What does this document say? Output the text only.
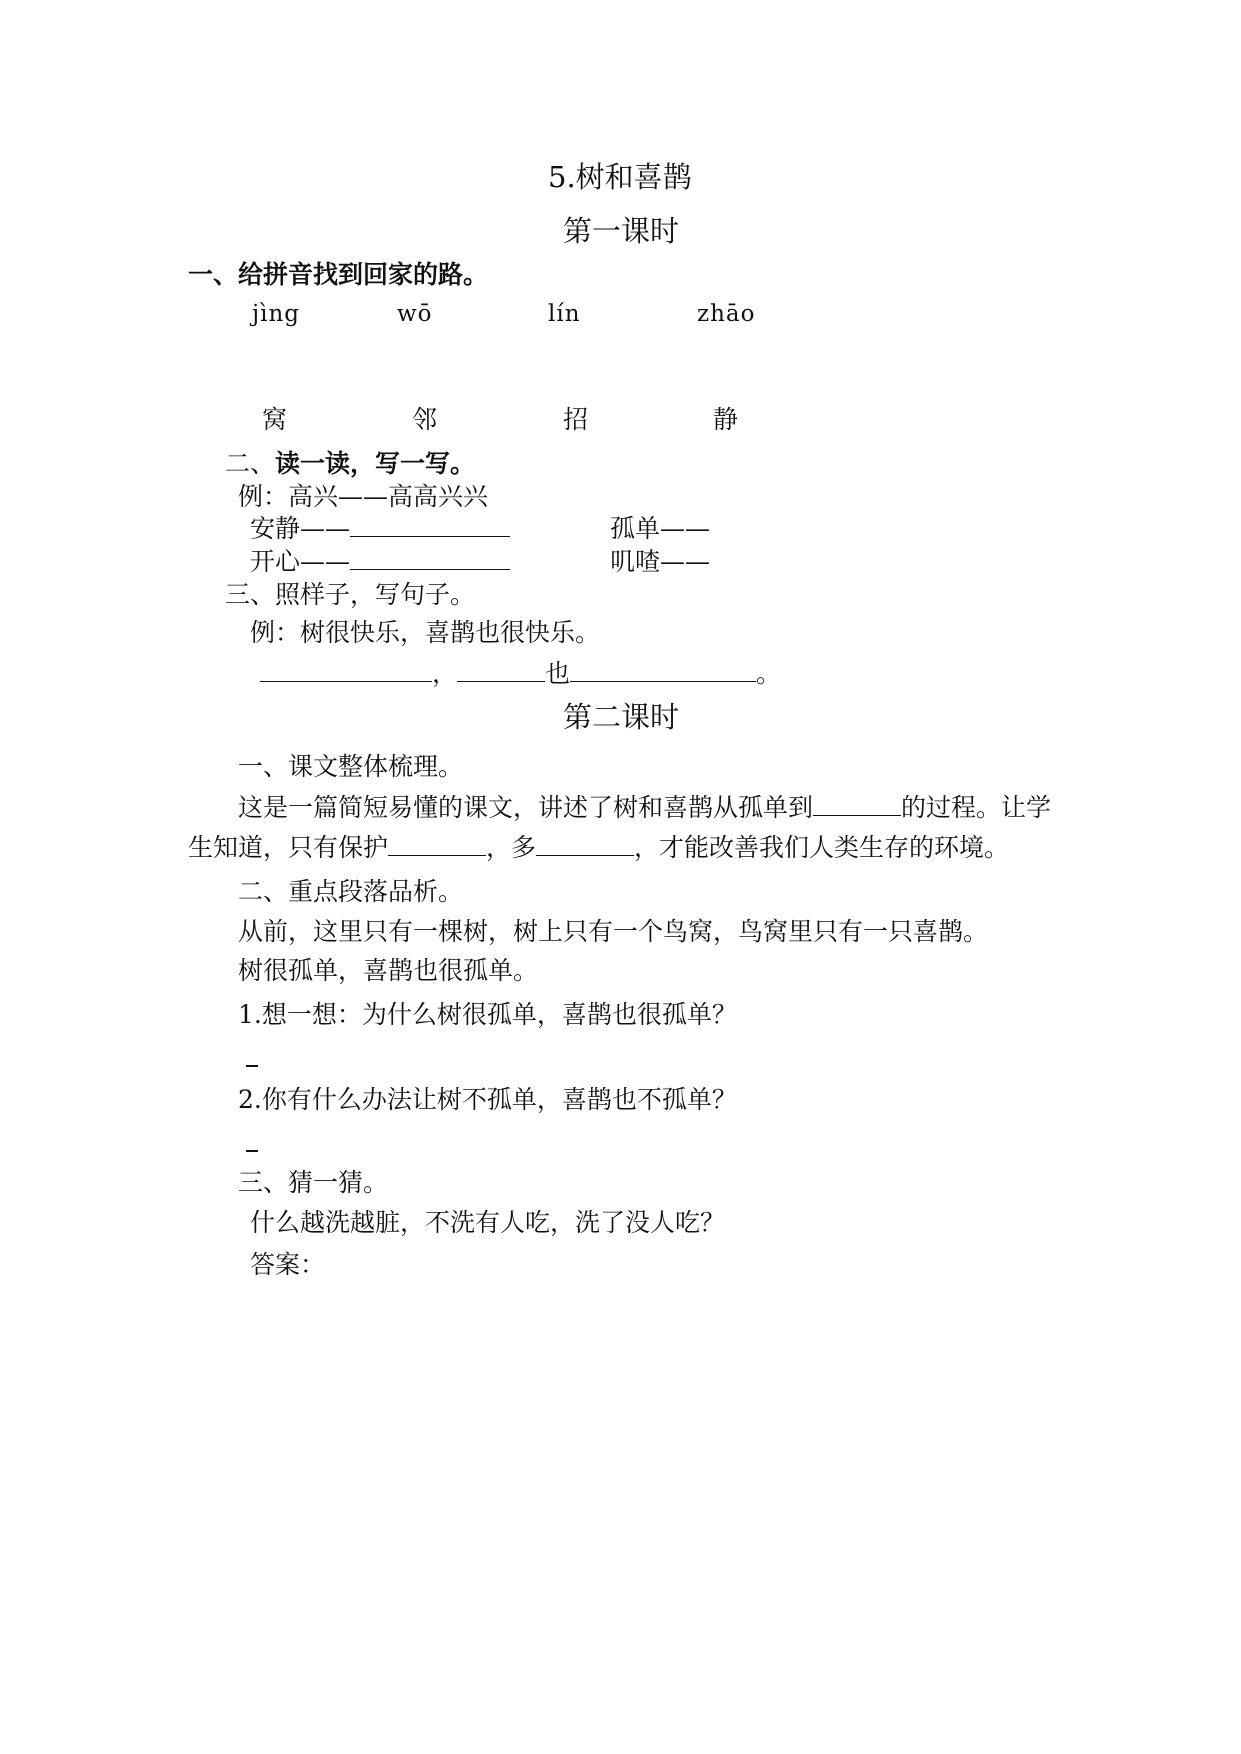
5.树和喜鹊
第一课时
一、给拼音找到回家的路。
jìng	wō	lín	zhāo
窝	邻	招	静
二、读一读，写一写。
例：高兴——高高兴兴
安静——	孤单——
开心——	叽喳——
三、照样子，写句子。
例：树很快乐，喜鹊也很快乐。
，	也	。
第二课时
一、课文整体梳理。
这是一篇简短易懂的课文，讲述了树和喜鹊从孤单到	的过程。让学
生知道，只有保护	，多	，才能改善我们人类生存的环境。
二、重点段落品析。
从前，这里只有一棵树，树上只有一个鸟窝，鸟窝里只有一只喜鹊。
树很孤单，喜鹊也很孤单。
1.想一想：为什么树很孤单，喜鹊也很孤单？
2.你有什么办法让树不孤单，喜鹊也不孤单？
三、猜一猜。
什么越洗越脏，不洗有人吃，洗了没人吃？
答案：
